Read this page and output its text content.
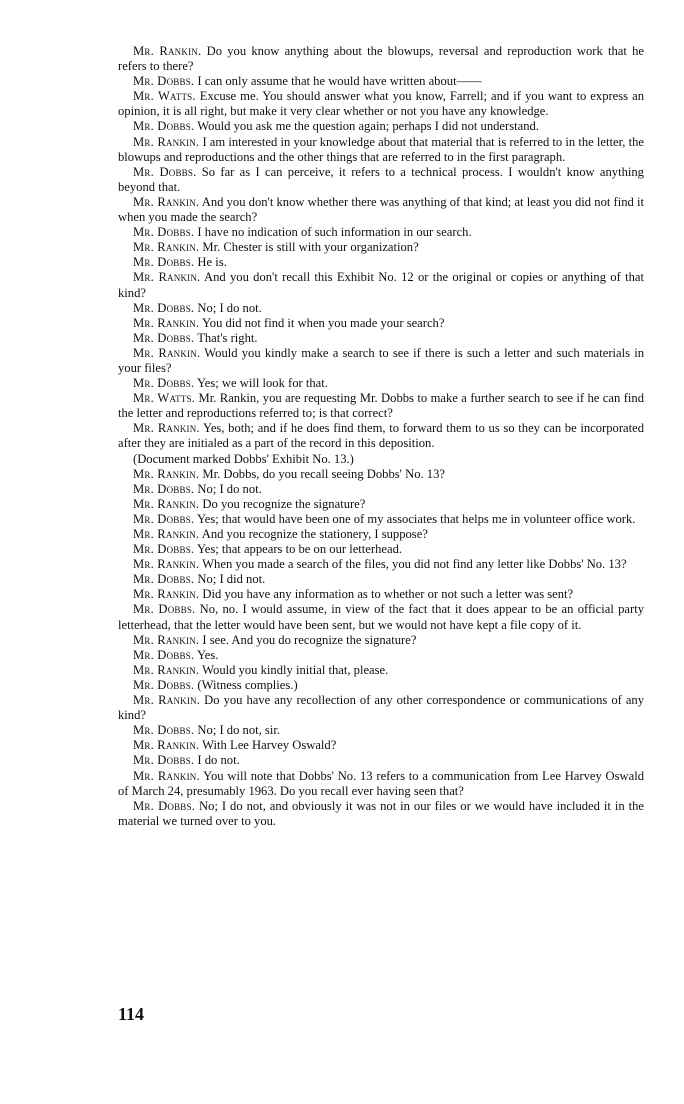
Mr. Rankin. Do you know anything about the blowups, reversal and reproduction work that he refers to there?

Mr. Dobbs. I can only assume that he would have written about——

Mr. Watts. Excuse me. You should answer what you know, Farrell; and if you want to express an opinion, it is all right, but make it very clear whether or not you have any knowledge.

Mr. Dobbs. Would you ask me the question again; perhaps I did not understand.

Mr. Rankin. I am interested in your knowledge about that material that is referred to in the letter, the blowups and reproductions and the other things that are referred to in the first paragraph.

Mr. Dobbs. So far as I can perceive, it refers to a technical process. I wouldn't know anything beyond that.

Mr. Rankin. And you don't know whether there was anything of that kind; at least you did not find it when you made the search?

Mr. Dobbs. I have no indication of such information in our search.

Mr. Rankin. Mr. Chester is still with your organization?

Mr. Dobbs. He is.

Mr. Rankin. And you don't recall this Exhibit No. 12 or the original or copies or anything of that kind?

Mr. Dobbs. No; I do not.

Mr. Rankin. You did not find it when you made your search?

Mr. Dobbs. That's right.

Mr. Rankin. Would you kindly make a search to see if there is such a letter and such materials in your files?

Mr. Dobbs. Yes; we will look for that.

Mr. Watts. Mr. Rankin, you are requesting Mr. Dobbs to make a further search to see if he can find the letter and reproductions referred to; is that correct?

Mr. Rankin. Yes, both; and if he does find them, to forward them to us so they can be incorporated after they are initialed as a part of the record in this deposition.

(Document marked Dobbs' Exhibit No. 13.)

Mr. Rankin. Mr. Dobbs, do you recall seeing Dobbs' No. 13?

Mr. Dobbs. No; I do not.

Mr. Rankin. Do you recognize the signature?

Mr. Dobbs. Yes; that would have been one of my associates that helps me in volunteer office work.

Mr. Rankin. And you recognize the stationery, I suppose?

Mr. Dobbs. Yes; that appears to be on our letterhead.

Mr. Rankin. When you made a search of the files, you did not find any letter like Dobbs' No. 13?

Mr. Dobbs. No; I did not.

Mr. Rankin. Did you have any information as to whether or not such a letter was sent?

Mr. Dobbs. No, no. I would assume, in view of the fact that it does appear to be an official party letterhead, that the letter would have been sent, but we would not have kept a file copy of it.

Mr. Rankin. I see. And you do recognize the signature?

Mr. Dobbs. Yes.

Mr. Rankin. Would you kindly initial that, please.

Mr. Dobbs. (Witness complies.)

Mr. Rankin. Do you have any recollection of any other correspondence or communications of any kind?

Mr. Dobbs. No; I do not, sir.

Mr. Rankin. With Lee Harvey Oswald?

Mr. Dobbs. I do not.

Mr. Rankin. You will note that Dobbs' No. 13 refers to a communication from Lee Harvey Oswald of March 24, presumably 1963. Do you recall ever having seen that?

Mr. Dobbs. No; I do not, and obviously it was not in our files or we would have included it in the material we turned over to you.

114
